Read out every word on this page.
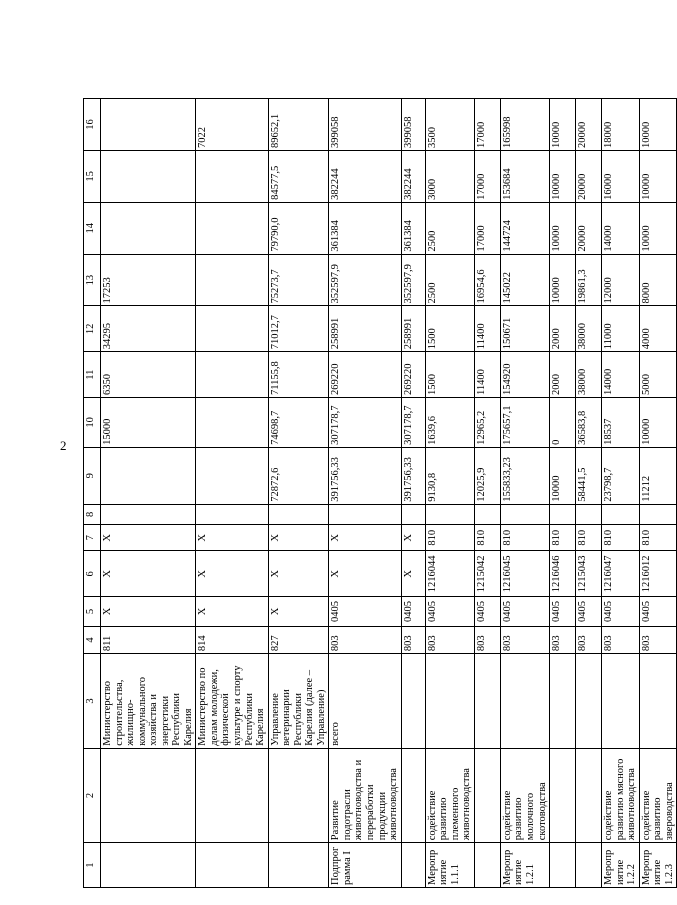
2
1	2	3	4	5	6	7	8	9	10	11	12	13	14	15	16
		Министерство строительства, жилищно-коммунального хозяйства и энергетики Республики Карелия	811	X	X	X			15000	6350	34295	17253			
		Министерство по делам молодежи, физической культуре и спорту Республики Карелия	814	X	X	X									7022
		Управление ветеринарии Республики Карелия (далее – Управление)	827	X	X	X		72872,6	74698,7	71155,8	71012,7	75273,7	79790,0	84577,5	89652,1
Подпрограмма I	Развитие подотрасли животноводства и переработки продукции животноводства	всего	803	0405	X	X		391756,33	307178,7	269220	258991	352597,9	361384	382244	399058
			803	0405	X	X		391756,33	307178,7	269220	258991	352597,9	361384	382244	399058
Мероприятие 1.1.1	содействие развитию племенного животноводства		803	0405	1216044	810		9130,8	1639,6	1500	1500	2500	2500	3000	3500
			803	0405	1215042	810		12025,9	12965,2	11400	11400	16954,6	17000	17000	17000
Мероприятие 1.2.1	содействие развитию молочного скотоводства		803	0405	1216045	810		155833,23	175657,1	154920	150671	145022	144724	153684	165998
			803	0405	1216046	810		10000	0	2000	2000	10000	10000	10000	10000
			803	0405	1215043	810		58441,5	36583,8	38000	38000	19861,3	20000	20000	20000
Мероприятие 1.2.2	содействие развитию мясного животноводства		803	0405	1216047	810		23798,7	18537	14000	11000	12000	14000	16000	18000
Мероприятие 1.2.3	содействие развитию звероводства		803	0405	1216012	810		11212	10000	5000	4000	8000	10000	10000	10000
